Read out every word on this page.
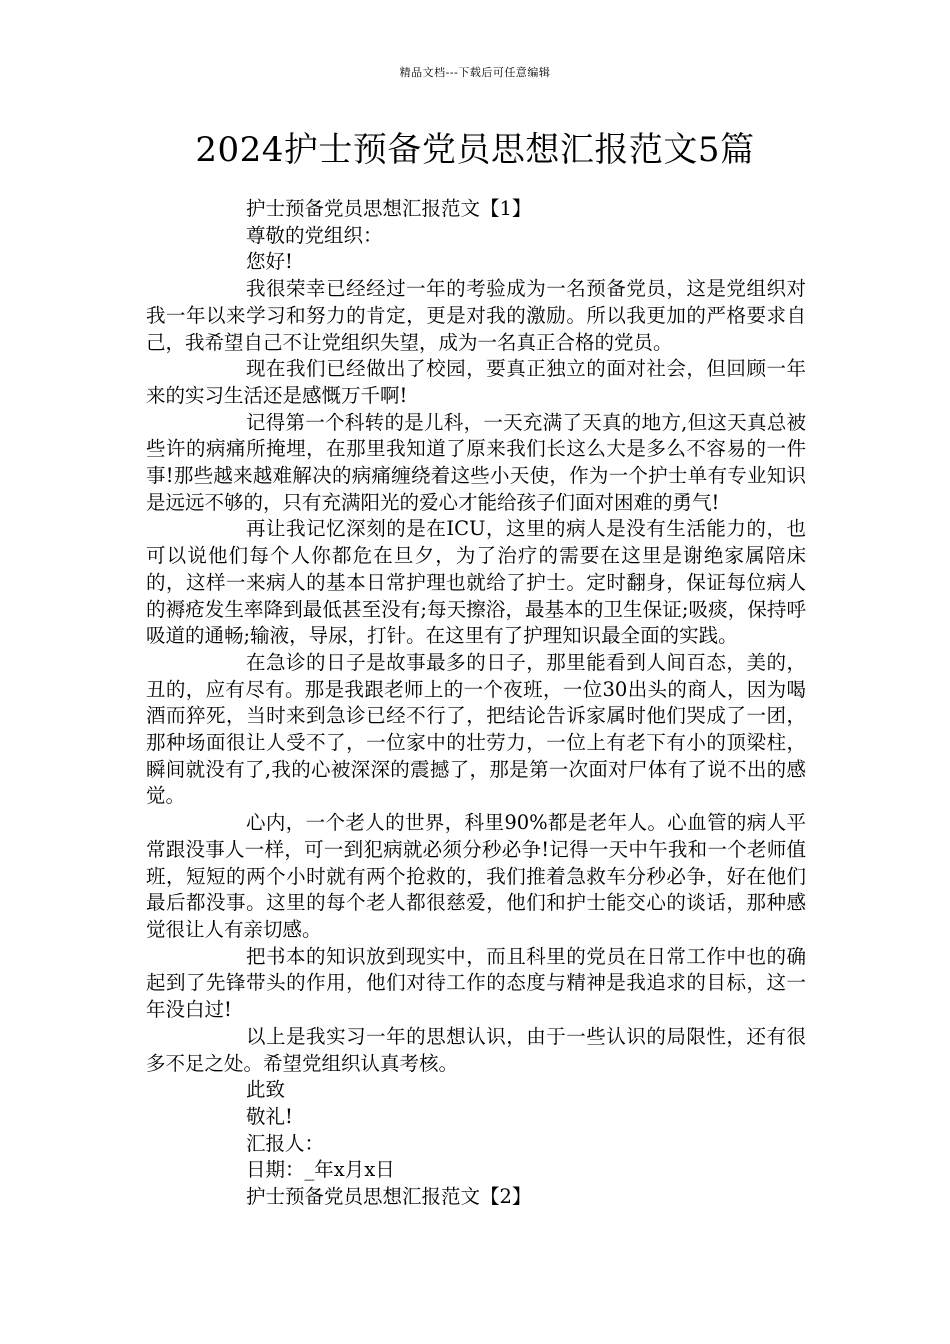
精品文档---下载后可任意编辑
2024护士预备党员思想汇报范文5篇

护士预备党员思想汇报范文【1】

尊敬的党组织：

您好!

我很荣幸已经经过一年的考验成为一名预备党员，这是党组织对我一年以来学习和努力的肯定，更是对我的激励。所以我更加的严格要求自己，我希望自己不让党组织失望，成为一名真正合格的党员。

现在我们已经做出了校园，要真正独立的面对社会，但回顾一年来的实习生活还是感慨万千啊!

记得第一个科转的是儿科，一天充满了天真的地方,但这天真总被些许的病痛所掩埋，在那里我知道了原来我们长这么大是多么不容易的一件事!那些越来越难解决的病痛缠绕着这些小天使，作为一个护士单有专业知识是远远不够的，只有充满阳光的爱心才能给孩子们面对困难的勇气!

再让我记忆深刻的是在ICU，这里的病人是没有生活能力的，也可以说他们每个人你都危在旦夕，为了治疗的需要在这里是谢绝家属陪床的，这样一来病人的基本日常护理也就给了护士。定时翻身，保证每位病人的褥疮发生率降到最低甚至没有;每天擦浴，最基本的卫生保证;吸痰，保持呼吸道的通畅;输液，导尿，打针。在这里有了护理知识最全面的实践。

在急诊的日子是故事最多的日子，那里能看到人间百态，美的，丑的，应有尽有。那是我跟老师上的一个夜班，一位30出头的商人，因为喝酒而猝死，当时来到急诊已经不行了，把结论告诉家属时他们哭成了一团，那种场面很让人受不了，一位家中的壮劳力，一位上有老下有小的顶梁柱，瞬间就没有了,我的心被深深的震撼了，那是第一次面对尸体有了说不出的感觉。

心内，一个老人的世界，科里90%都是老年人。心血管的病人平常跟没事人一样，可一到犯病就必须分秒必争!记得一天中午我和一个老师值班，短短的两个小时就有两个抢救的，我们推着急救车分秒必争，好在他们最后都没事。这里的每个老人都很慈爱，他们和护士能交心的谈话，那种感觉很让人有亲切感。

把书本的知识放到现实中，而且科里的党员在日常工作中也的确起到了先锋带头的作用，他们对待工作的态度与精神是我追求的目标，这一年没白过!

以上是我实习一年的思想认识，由于一些认识的局限性，还有很多不足之处。希望党组织认真考核。

此致

敬礼!

汇报人：

日期：_年x月x日

护士预备党员思想汇报范文【2】
